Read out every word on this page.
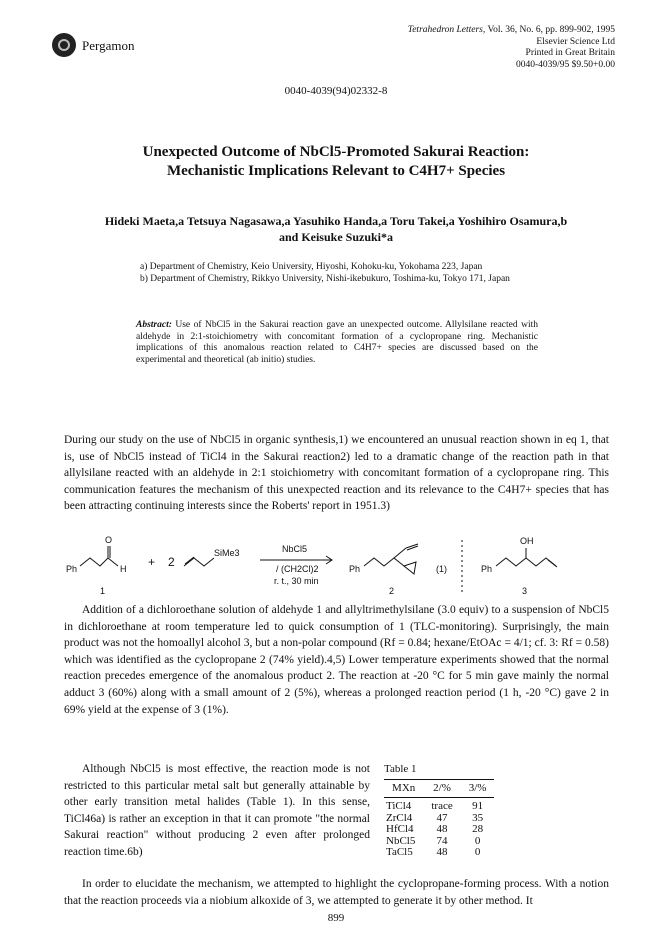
Pergamon
Tetrahedron Letters, Vol. 36, No. 6, pp. 899-902, 1995
Elsevier Science Ltd
Printed in Great Britain
0040-4039/95 $9.50+0.00
0040-4039(94)02332-8
Unexpected Outcome of NbCl5-Promoted Sakurai Reaction:
Mechanistic Implications Relevant to C4H7+ Species
Hideki Maeta,a Tetsuya Nagasawa,a Yasuhiko Handa,a Toru Takei,a Yoshihiro Osamura,b
and Keisuke Suzuki*a
a) Department of Chemistry, Keio University, Hiyoshi, Kohoku-ku, Yokohama 223, Japan
b) Department of Chemistry, Rikkyo University, Nishi-ikebukuro, Toshima-ku, Tokyo 171, Japan
Abstract: Use of NbCl5 in the Sakurai reaction gave an unexpected outcome. Allylsilane reacted with aldehyde in 2:1-stoichiometry with concomitant formation of a cyclopropane ring. Mechanistic implications of this anomalous reaction related to C4H7+ species are discussed based on the experimental and theoretical (ab initio) studies.
During our study on the use of NbCl5 in organic synthesis,1) we encountered an unusual reaction shown in eq 1, that is, use of NbCl5 instead of TiCl4 in the Sakurai reaction2) led to a dramatic change of the reaction path in that allylsilane reacted with an aldehyde in 2:1 stoichiometry with concomitant formation of a cyclopropane ring. This communication features the mechanism of this unexpected reaction and its relevance to the C4H7+ species that has been attracting continuing interests since the Roberts' report in 1951.3)
Ph
O
H
1
+ 2
SiMe3	NbCl5
/ (CH2Cl)2
r. t., 30 min
Ph
2
(1)	Ph
OH
3
Addition of a dichloroethane solution of aldehyde 1 and allyltrimethylsilane (3.0 equiv) to a suspension of NbCl5 in dichloroethane at room temperature led to quick consumption of 1 (TLC-monitoring). Surprisingly, the main product was not the homoallyl alcohol 3, but a non-polar compound (Rf = 0.84; hexane/EtOAc = 4/1; cf. 3: Rf = 0.58) which was identified as the cyclopropane 2 (74% yield).4,5) Lower temperature experiments showed that the normal reaction precedes emergence of the anomalous product 2. The reaction at -20 °C for 5 min gave mainly the normal adduct 3 (60%) along with a small amount of 2 (5%), whereas a prolonged reaction period (1 h, -20 °C) gave 2 in 69% yield at the expense of 3 (1%).
Although NbCl5 is most effective, the reaction mode is not restricted to this particular metal salt but generally attainable by other early transition metal halides (Table 1). In this sense, TiCl46a) is rather an exception in that it can promote "the normal Sakurai reaction" without producing 2 even after prolonged reaction time.6b)
Table 1		
MXn	2/%	3/%
TiCl4	trace	91
ZrCl4	47	35
HfCl4	48	28
NbCl5	74	0
TaCl5	48	0
In order to elucidate the mechanism, we attempted to highlight the cyclopropane-forming process. With a notion that the reaction proceeds via a niobium alkoxide of 3, we attempted to generate it by other method. It
899
